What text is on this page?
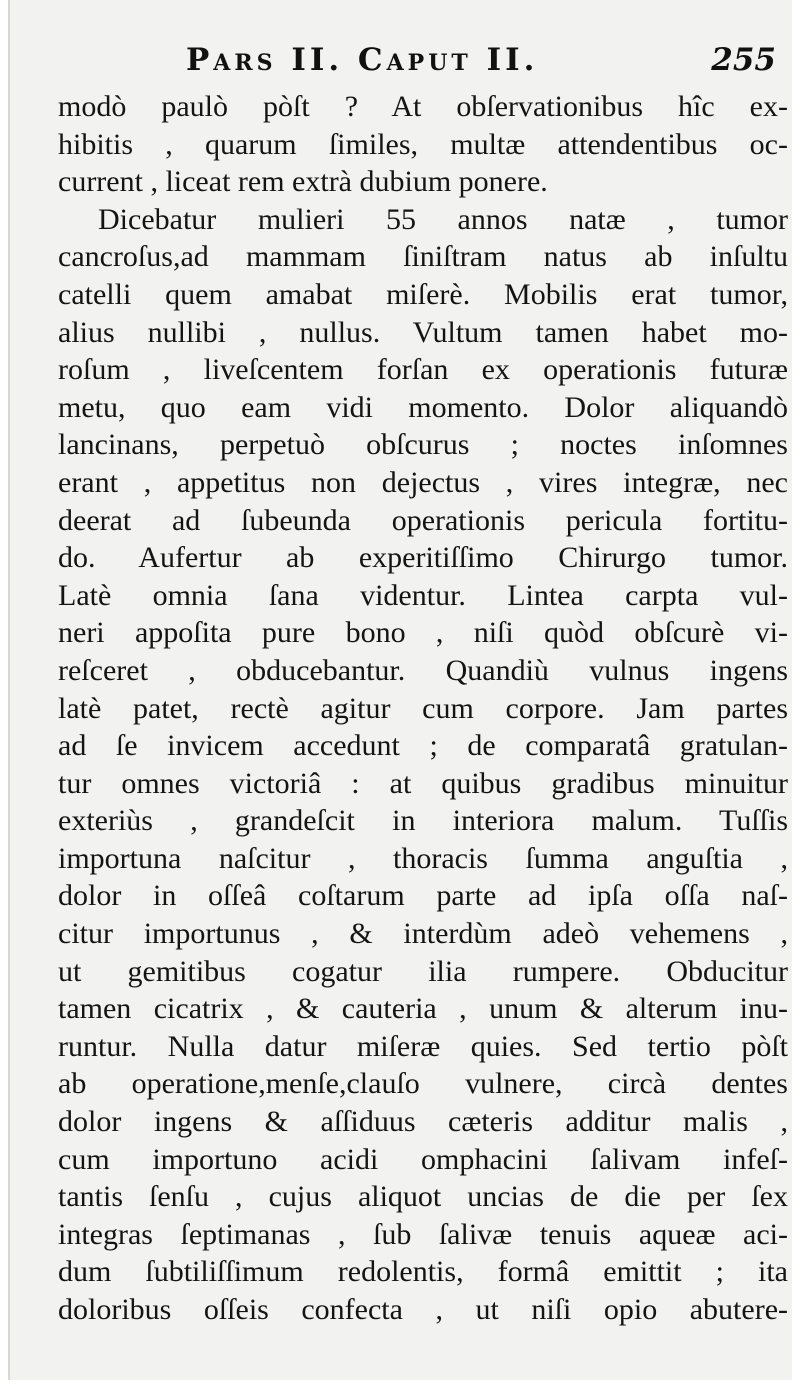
Pars II. Caput II.	255
modò paulò pòſt ? At obſervationibus hîc ex-
hibitis , quarum ſimiles, multæ attendentibus oc-
current , liceat rem extrà dubium ponere.
Dicebatur mulieri 55 annos natæ , tumor
cancroſus,ad mammam ſiniſtram natus ab inſultu
catelli quem amabat miſerè. Mobilis erat tumor,
alius nullibi , nullus. Vultum tamen habet mo-
roſum , liveſcentem forſan ex operationis futuræ
metu, quo eam vidi momento. Dolor aliquandò
lancinans, perpetuò obſcurus ; noctes inſomnes
erant , appetitus non dejectus , vires integræ, nec
deerat ad ſubeunda operationis pericula fortitu-
do. Aufertur ab experitiſſimo Chirurgo tumor.
Latè omnia ſana videntur. Lintea carpta vul-
neri appoſita pure bono , niſi quòd obſcurè vi-
reſceret , obducebantur. Quandiù vulnus ingens
latè patet, rectè agitur cum corpore. Jam partes
ad ſe invicem accedunt ; de comparatâ gratulan-
tur omnes victoriâ : at quibus gradibus minuitur
exteriùs , grandeſcit in interiora malum. Tuſſis
importuna naſcitur , thoracis ſumma anguſtia ,
dolor in oſſeâ coſtarum parte ad ipſa oſſa naſ-
citur importunus , & interdùm adeò vehemens ,
ut gemitibus cogatur ilia rumpere. Obducitur
tamen cicatrix , & cauteria , unum & alterum inu-
runtur. Nulla datur miſeræ quies. Sed tertio pòſt
ab operatione,menſe,clauſo vulnere, circà dentes
dolor ingens & aſſiduus cæteris additur malis ,
cum importuno acidi omphacini ſalivam infeſ-
tantis ſenſu , cujus aliquot uncias de die per ſex
integras ſeptimanas , ſub ſalivæ tenuis aqueæ aci-
dum ſubtiliſſimum redolentis, formâ emittit ; ita
doloribus oſſeis confecta , ut niſi opio abutere-
